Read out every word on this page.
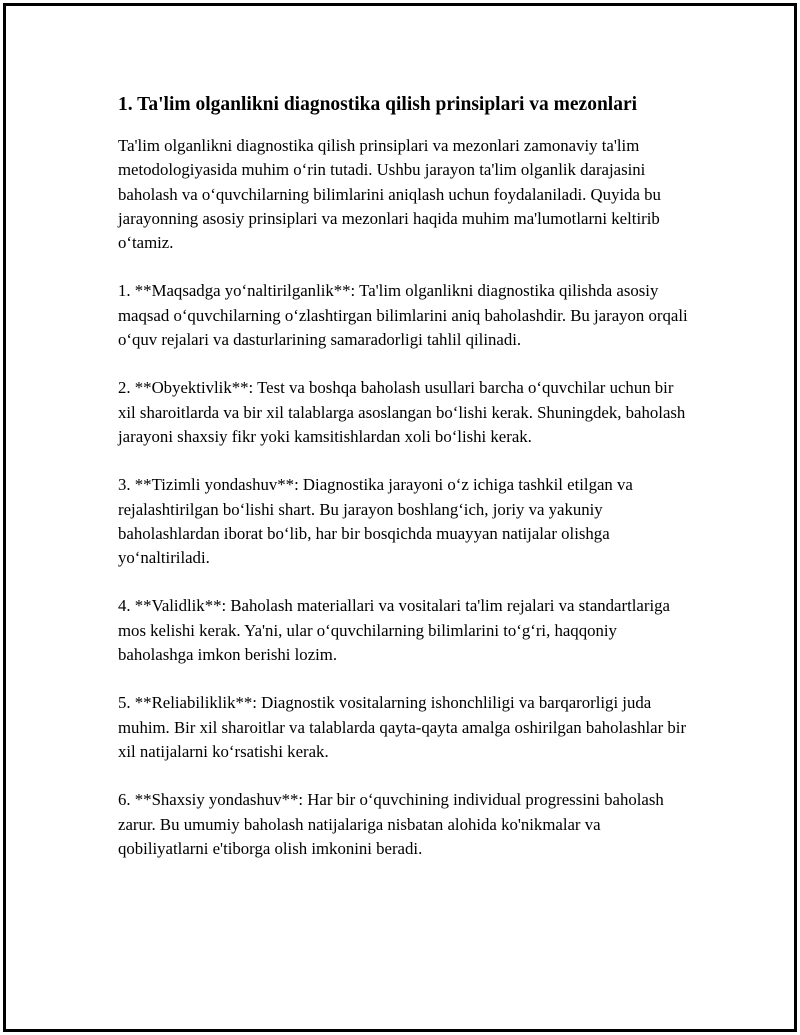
1. Ta'lim olganlikni diagnostika qilish prinsiplari va mezonlari

Ta'lim olganlikni diagnostika qilish prinsiplari va mezonlari zamonaviy ta'lim metodologiyasida muhim o‘rin tutadi. Ushbu jarayon ta'lim olganlik darajasini baholash va o‘quvchilarning bilimlarini aniqlash uchun foydalaniladi. Quyida bu jarayonning asosiy prinsiplari va mezonlari haqida muhim ma'lumotlarni keltirib o‘tamiz.

1. **Maqsadga yo‘naltirilganlik**: Ta'lim olganlikni diagnostika qilishda asosiy maqsad o‘quvchilarning o‘zlashtirgan bilimlarini aniq baholashdir. Bu jarayon orqali o‘quv rejalari va dasturlarining samaradorligi tahlil qilinadi.

2. **Obyektivlik**: Test va boshqa baholash usullari barcha o‘quvchilar uchun bir xil sharoitlarda va bir xil talablarga asoslangan bo‘lishi kerak. Shuningdek, baholash jarayoni shaxsiy fikr yoki kamsitishlardan xoli bo‘lishi kerak.

3. **Tizimli yondashuv**: Diagnostika jarayoni o‘z ichiga tashkil etilgan va rejalashtirilgan bo‘lishi shart. Bu jarayon boshlang‘ich, joriy va yakuniy baholashlardan iborat bo‘lib, har bir bosqichda muayyan natijalar olishga yo‘naltiriladi.

4. **Validlik**: Baholash materiallari va vositalari ta'lim rejalari va standartlariga mos kelishi kerak. Ya'ni, ular o‘quvchilarning bilimlarini to‘g‘ri, haqqoniy baholashga imkon berishi lozim.

5. **Reliabiliklik**: Diagnostik vositalarning ishonchliligi va barqarorligi juda muhim. Bir xil sharoitlar va talablarda qayta-qayta amalga oshirilgan baholashlar bir xil natijalarni ko‘rsatishi kerak.

6. **Shaxsiy yondashuv**: Har bir o‘quvchining individual progressini baholash zarur. Bu umumiy baholash natijalariga nisbatan alohida ko'nikmalar va qobiliyatlarni e'tiborga olish imkonini beradi.
